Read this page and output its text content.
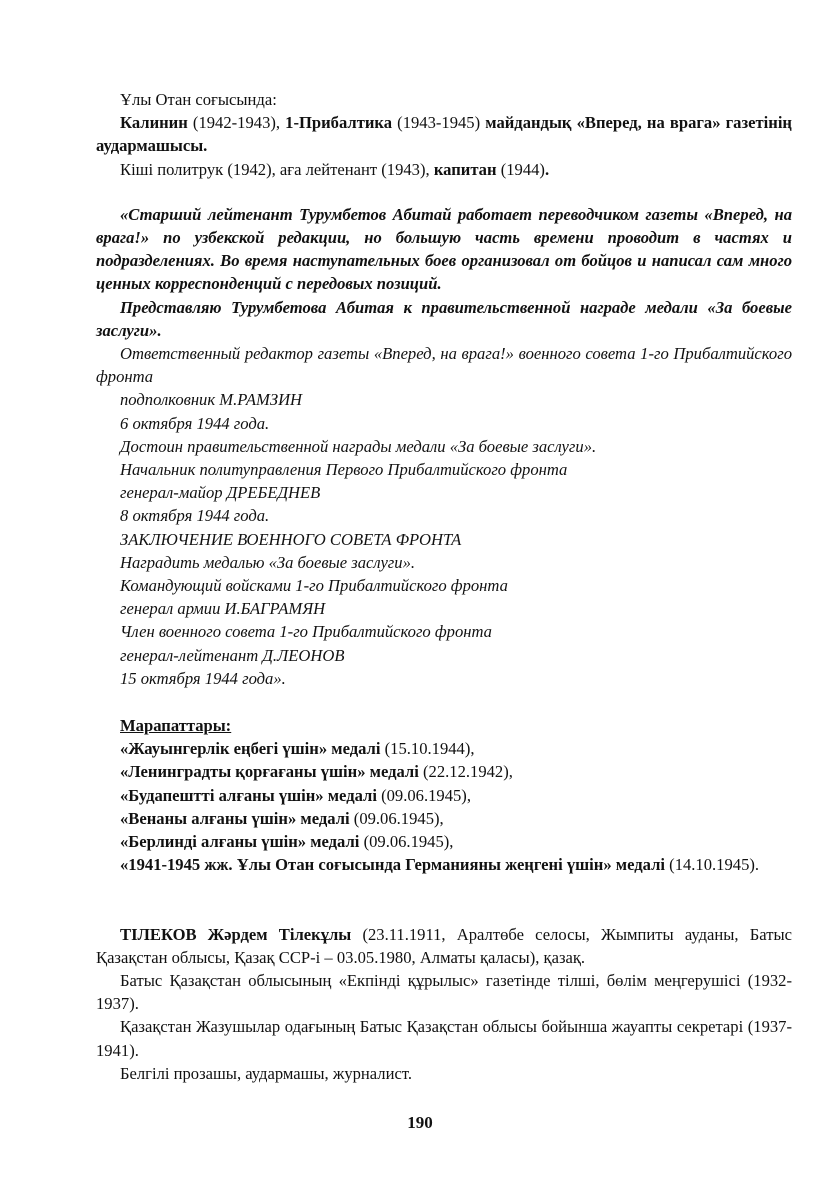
Ұлы Отан соғысында:

Калинин (1942-1943), 1-Прибалтика (1943-1945) майдандық «Вперед, на врага» газетінің аудармашысы.

Кіші политрук (1942), аға лейтенант (1943), капитан (1944).

«Старший лейтенант Турумбетов Абитай работает переводчиком газеты «Вперед, на врага!» по узбекской редакции, но большую часть времени проводит в частях и подразделениях. Во время наступательных боев организовал от бойцов и написал сам много ценных корреспонденций с передовых позиций.

Представляю Турумбетова Абитая к правительственной награде медали «За боевые заслуги».

Ответственный редактор газеты «Вперед, на врага!» военного совета 1-го Прибалтийского фронта

подполковник М.РАМЗИН

6 октября 1944 года.

Достоин правительственной награды медали «За боевые заслуги».

Начальник политуправления Первого Прибалтийского фронта

генерал-майор ДРЕБЕДНЕВ

8 октября 1944 года.

ЗАКЛЮЧЕНИЕ ВОЕННОГО СОВЕТА ФРОНТА

Наградить медалью «За боевые заслуги».

Командующий войсками 1-го Прибалтийского фронта

генерал армии И.БАГРАМЯН

Член военного совета 1-го Прибалтийского фронта

генерал-лейтенант Д.ЛЕОНОВ

15 октября 1944 года».

Марапаттары:

«Жауынгерлік еңбегі үшін» медалі (15.10.1944),

«Ленинградты қорғағаны үшін» медалі (22.12.1942),

«Будапештті алғаны үшін» медалі (09.06.1945),

«Венаны алғаны үшін» медалі (09.06.1945),

«Берлинді алғаны үшін» медалі (09.06.1945),

«1941-1945 жж. Ұлы Отан соғысында Германияны жеңгені үшін» медалі (14.10.1945).

ТІЛЕКОВ Жәрдем Тілекұлы (23.11.1911, Аралтөбе селосы, Жымпиты ауданы, Батыс Қазақстан облысы, Қазақ ССР-і – 03.05.1980, Алматы қаласы), қазақ.

Батыс Қазақстан облысының «Екпінді құрылыс» газетінде тілші, бөлім меңгерушісі (1932-1937).

Қазақстан Жазушылар одағының Батыс Қазақстан облысы бойынша жауапты секретарі (1937-1941).

Белгілі прозашы, аудармашы, журналист.

190
